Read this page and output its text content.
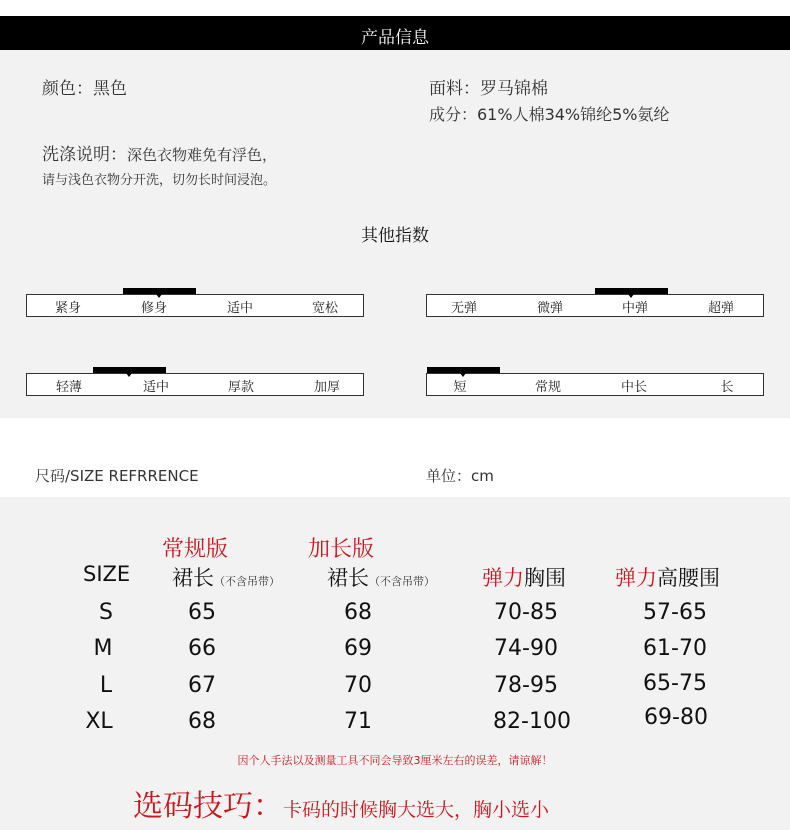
产品信息
颜色：黑色	面料：罗马锦棉
成分：61%人棉34%锦纶5%氨纶
洗涤说明：深色衣物难免有浮色，
请与浅色衣物分开洗，切勿长时间浸泡。
其他指数
紧身	修身	适中	宽松	无弹	微弹	中弹	超弹
轻薄	适中	厚款	加厚	短	常规	中长	长
尺码/SIZE REFRRENCE	单位：cm
常规版	加长版
SIZE 裙长（不含吊带） 裙长（不含吊带） 弹力胸围 弹力高腰围
S	65	68	70-85	57-65
M	66	69	74-90	61-70
L	67	70	78-95	65-75
XL	68	71	82-100	69-80
因个人手法以及测量工具不同会导致3厘米左右的误差，请谅解！
选码技巧：卡码的时候胸大选大，胸小选小
